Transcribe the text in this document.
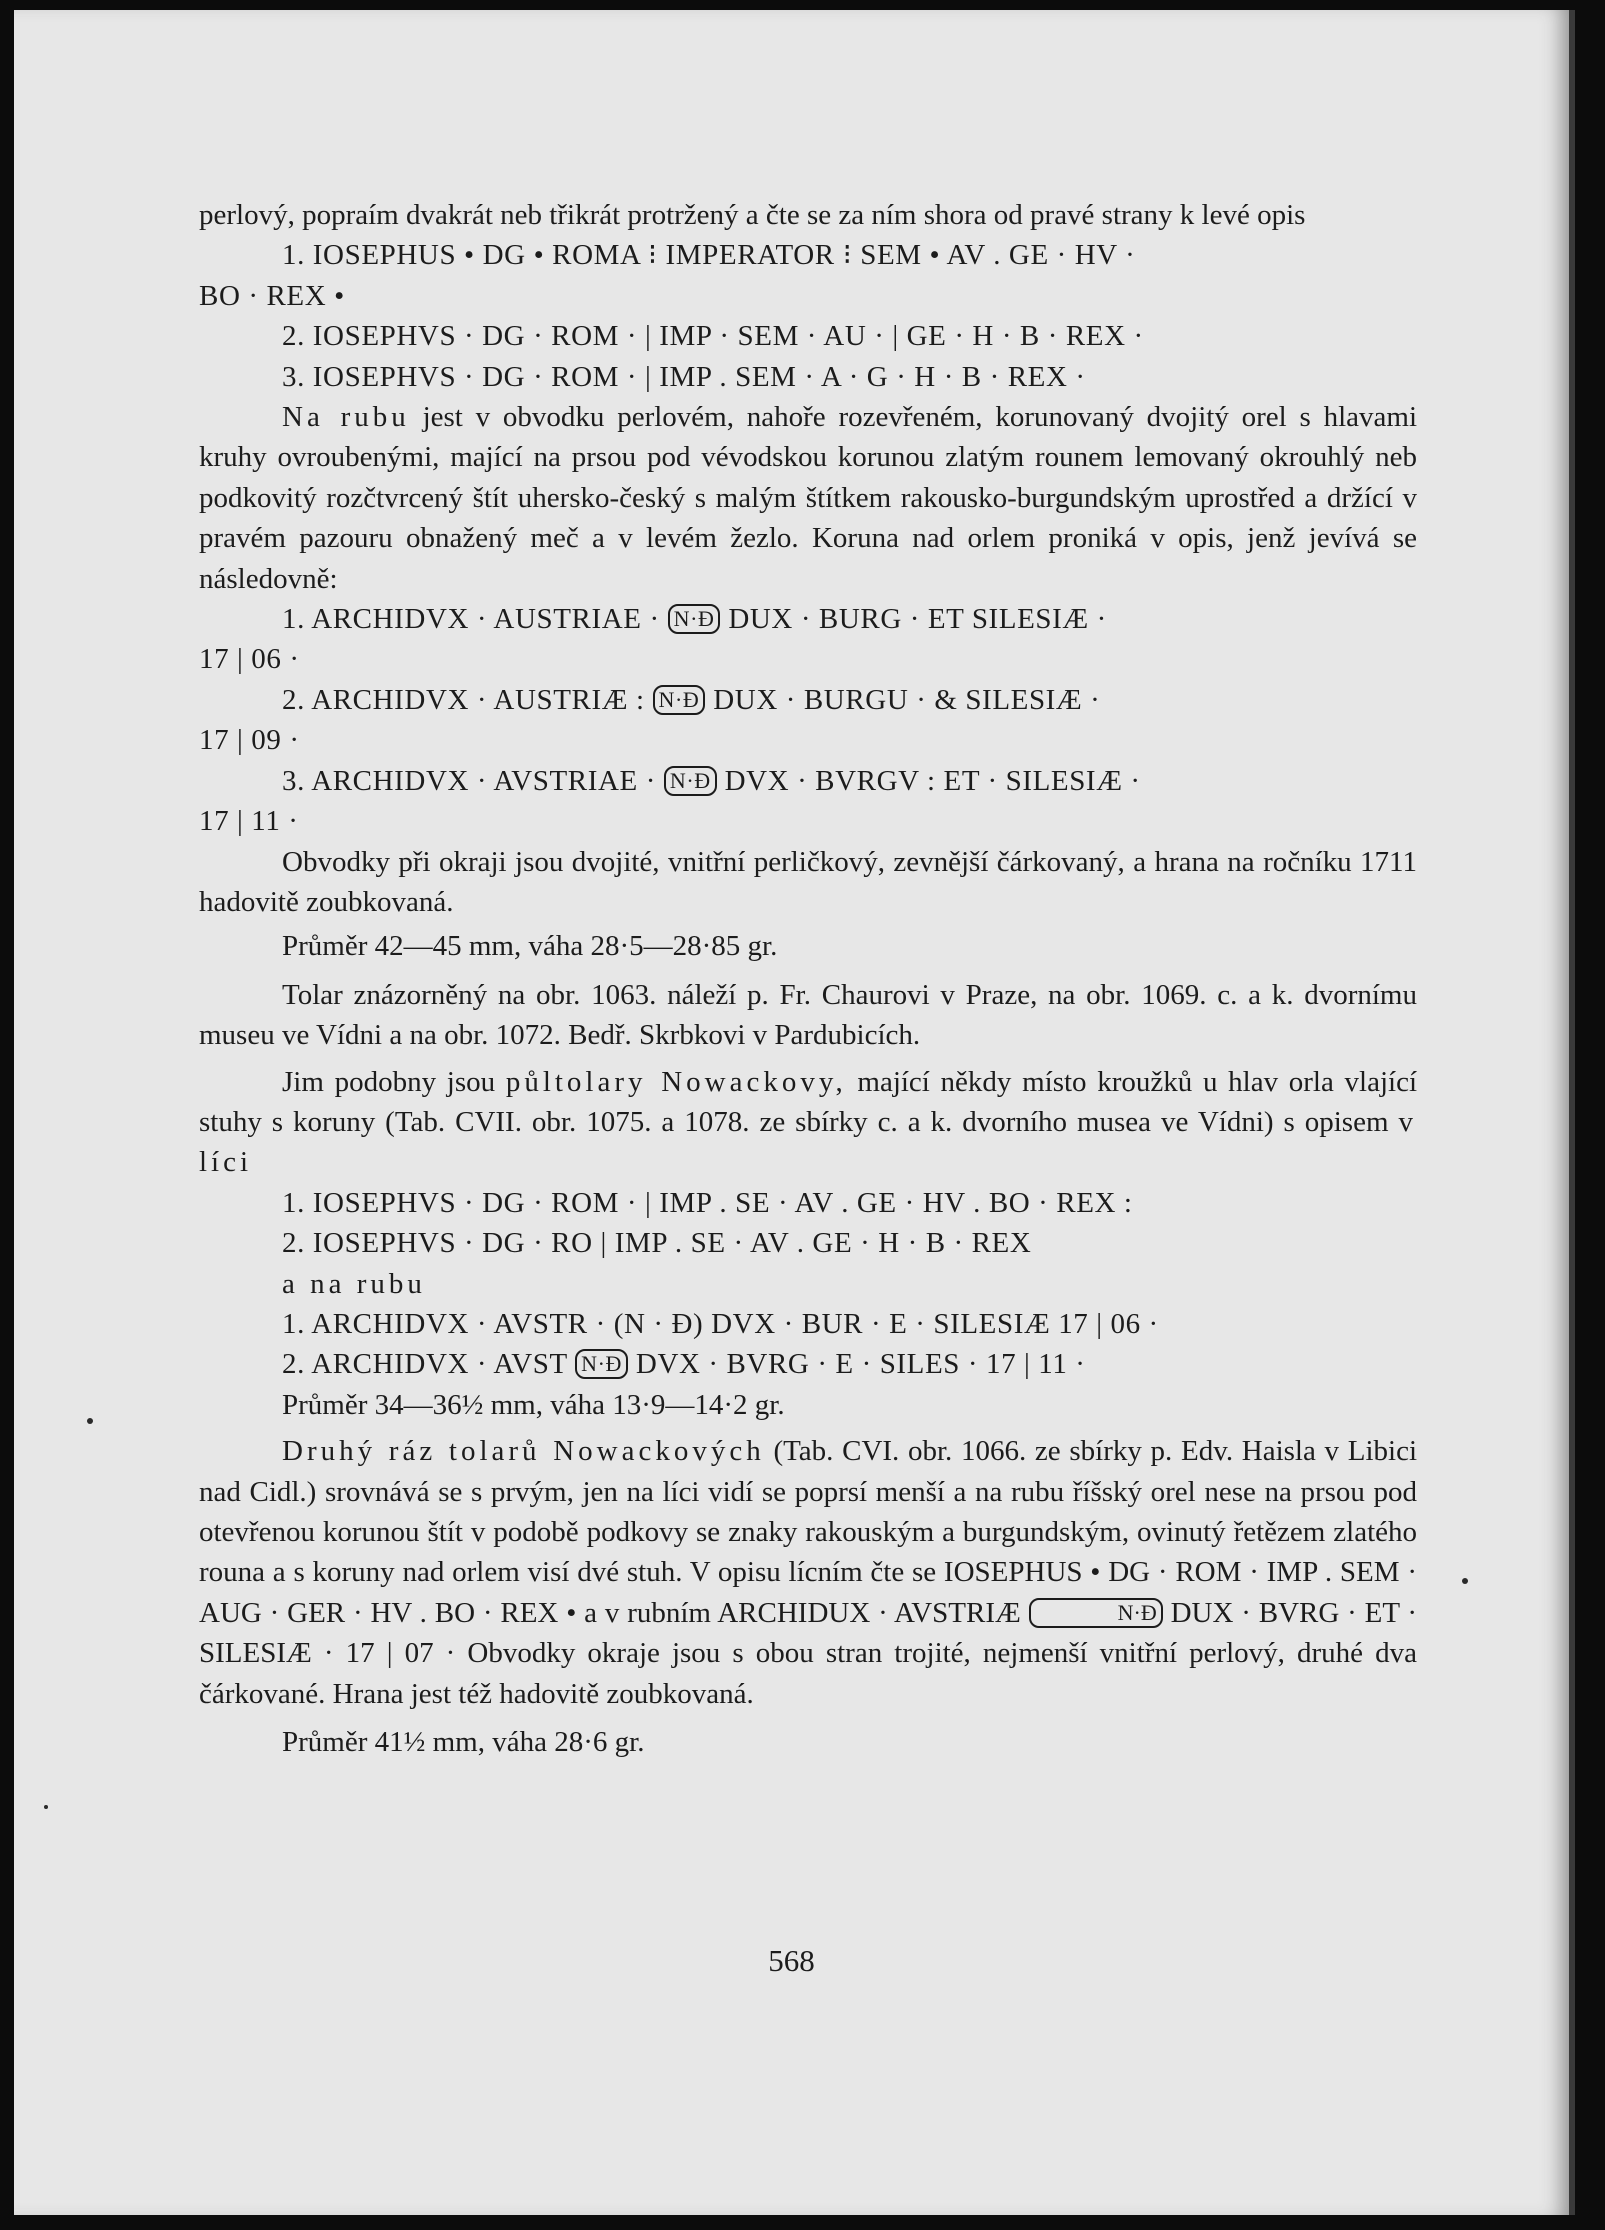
perlový, popraím dvakrát neb třikrát protržený a čte se za ním shora od pravé strany k levé opis
1. IOSEPHUS • DG • ROMA ⁝ IMPERATOR ⁝ SEM • AV . GE · HV ·
BO · REX •
2. IOSEPHVS · DG · ROM · | IMP · SEM · AU · | GE · H · B · REX ·
3. IOSEPHVS · DG · ROM · | IMP . SEM · A · G · H · B · REX ·
Na rubu jest v obvodku perlovém, nahoře rozevřeném, korunovaný dvojitý orel s hlavami kruhy ovroubenými, mající na prsou pod vévodskou korunou zlatým rounem lemovaný okrouhlý neb podkovitý rozčtvrcený štít uhersko-český s malým štítkem rakousko-burgundským uprostřed a držící v pravém pazouru obnažený meč a v levém žezlo. Koruna nad orlem proniká v opis, jenž jevívá se následovně:
1. ARCHIDVX · AUSTRIAE · N·Đ DUX · BURG · ET SILESIÆ ·
17 | 06 ·
2. ARCHIDVX · AUSTRIÆ : N·Đ DUX · BURGU · & SILESIÆ ·
17 | 09 ·
3. ARCHIDVX · AVSTRIAE · N·Đ DVX · BVRGV : ET · SILESIÆ ·
17 | 11 ·
Obvodky při okraji jsou dvojité, vnitřní perličkový, zevnější čárkovaný, a hrana na ročníku 1711 hadovitě zoubkovaná.
Průměr 42—45 mm, váha 28·5—28·85 gr.
Tolar znázorněný na obr. 1063. náleží p. Fr. Chaurovi v Praze, na obr. 1069. c. a k. dvornímu museu ve Vídni a na obr. 1072. Bedř. Skrbkovi v Pardubicích.
Jim podobny jsou půltolary Nowackovy, mající někdy místo kroužků u hlav orla vlající stuhy s koruny (Tab. CVII. obr. 1075. a 1078. ze sbírky c. a k. dvorního musea ve Vídni) s opisem v líci
1. IOSEPHVS · DG · ROM · | IMP . SE · AV . GE · HV . BO · REX :
2. IOSEPHVS · DG · RO | IMP . SE · AV . GE · H · B · REX
a na rubu
1. ARCHIDVX · AVSTR · (N · Đ) DVX · BUR · E · SILESIÆ 17 | 06 ·
2. ARCHIDVX · AVST N·Đ DVX · BVRG · E · SILES · 17 | 11 ·
Průměr 34—36½ mm, váha 13·9—14·2 gr.
Druhý ráz tolarů Nowackových (Tab. CVI. obr. 1066. ze sbírky p. Edv. Haisla v Libici nad Cidl.) srovnává se s prvým, jen na líci vidí se poprsí menší a na rubu říšský orel nese na prsou pod otevřenou korunou štít v podobě podkovy se znaky rakouským a burgundským, ovinutý řetězem zlatého rouna a s koruny nad orlem visí dvé stuh. V opisu lícním čte se IOSEPHUS • DG · ROM · IMP . SEM · AUG · GER · HV . BO · REX • a v rubním ARCHIDUX · AVSTRIÆ	N·Đ DUX · BVRG · ET · SILESIÆ · 17 | 07 · Obvodky okraje jsou s obou stran trojité, nejmenší vnitřní perlový, druhé dva čárkované. Hrana jest též hadovitě zoubkovaná.
Průměr 41½ mm, váha 28·6 gr.
568
